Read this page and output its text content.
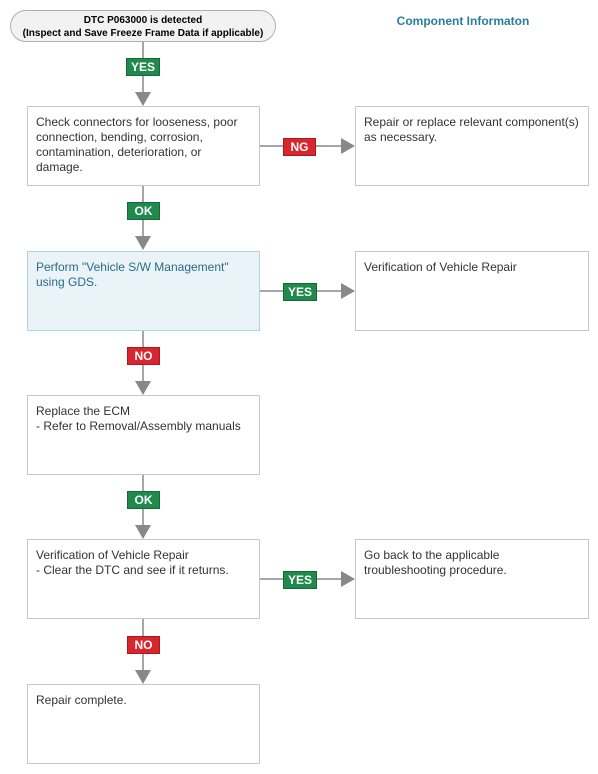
DTC P063000 is detected
(Inspect and Save Freeze Frame Data if applicable)
Component Informaton
Check connectors for looseness, poor connection, bending, corrosion, contamination, deterioration, or damage.
Repair or replace relevant component(s) as necessary.
Perform "Vehicle S/W Management" using GDS.
Verification of Vehicle Repair
Replace the ECM
- Refer to Removal/Assembly manuals
Verification of Vehicle Repair
- Clear the DTC and see if it returns.
Go back to the applicable troubleshooting procedure.
Repair complete.
YES
NG
OK
YES
NO
OK
YES
NO
